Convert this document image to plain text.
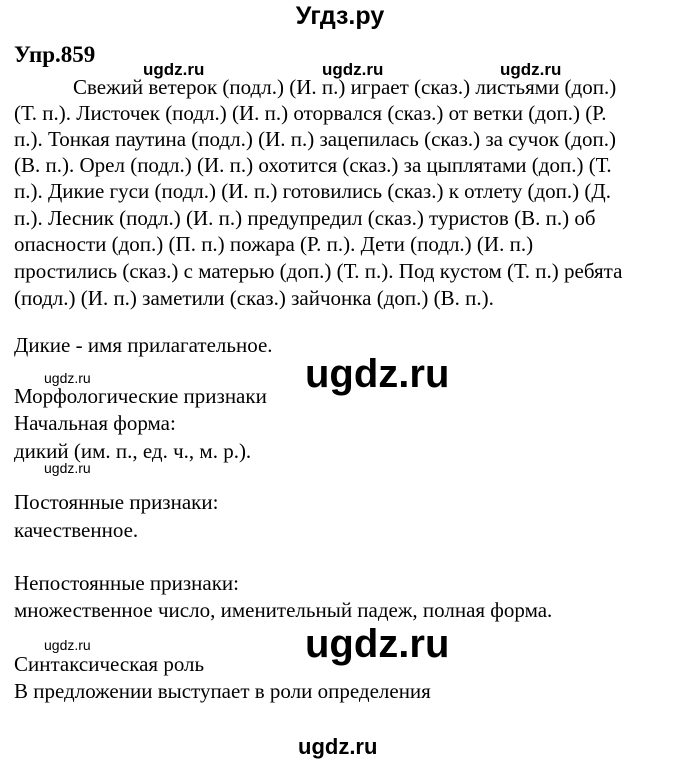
Угдз.ру
Упр.859
ugdz.ru	ugdz.ru	ugdz.ru
Свежий ветерок (подл.) (И. п.) играет (сказ.) листьями (доп.)
(Т. п.). Листочек (подл.) (И. п.) оторвался (сказ.) от ветки (доп.) (Р.
п.). Тонкая паутина (подл.) (И. п.) зацепилась (сказ.) за сучок (доп.)
(В. п.). Орел (подл.) (И. п.) охотится (сказ.) за цыплятами (доп.) (Т.
п.). Дикие гуси (подл.) (И. п.) готовились (сказ.) к отлету (доп.) (Д.
п.). Лесник (подл.) (И. п.) предупредил (сказ.) туристов (В. п.) об
опасности (доп.) (П. п.) пожара (Р. п.). Дети (подл.) (И. п.)
простились (сказ.) с матерью (доп.) (Т. п.). Под кустом (Т. п.) ребята
(подл.) (И. п.) заметили (сказ.) зайчонка (доп.) (В. п.).
Дикие - имя прилагательное.
ugdz.ru
ugdz.ru
Морфологические признаки
Начальная форма:
дикий (им. п., ед. ч., м. р.).
ugdz.ru
Постоянные признаки:
качественное.
Непостоянные признаки:
множественное число, именительный падеж, полная форма.
ugdz.ru	ugdz.ru
Синтаксическая роль
В предложении выступает в роли определения
ugdz.ru
